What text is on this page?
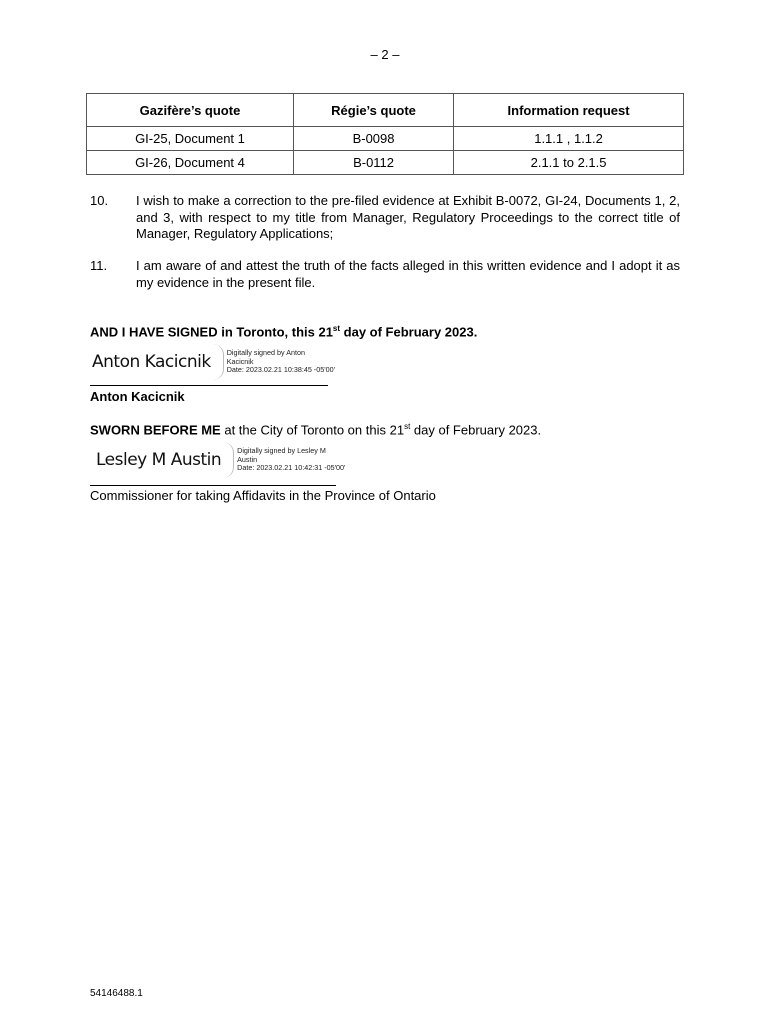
– 2 –
Gazifère’s quote	Régie’s quote	Information request
GI-25, Document 1	B-0098	1.1.1 , 1.1.2
GI-26, Document 4	B-0112	2.1.1 to 2.1.5
10. I wish to make a correction to the pre-filed evidence at Exhibit B-0072, GI-24, Documents 1, 2, and 3, with respect to my title from Manager, Regulatory Proceedings to the correct title of Manager, Regulatory Applications;
11. I am aware of and attest the truth of the facts alleged in this written evidence and I adopt it as my evidence in the present file.
AND I HAVE SIGNED in Toronto, this 21st day of February 2023.
Anton Kacicnik Digitally signed by Anton
Kacicnik
Date: 2023.02.21 10:38:45 -05'00'
Anton Kacicnik
SWORN BEFORE ME at the City of Toronto on this 21st day of February 2023.
Lesley M Austin Digitally signed by Lesley M
Austin
Date: 2023.02.21 10:42:31 -05'00'
Commissioner for taking Affidavits in the Province of Ontario
54146488.1
